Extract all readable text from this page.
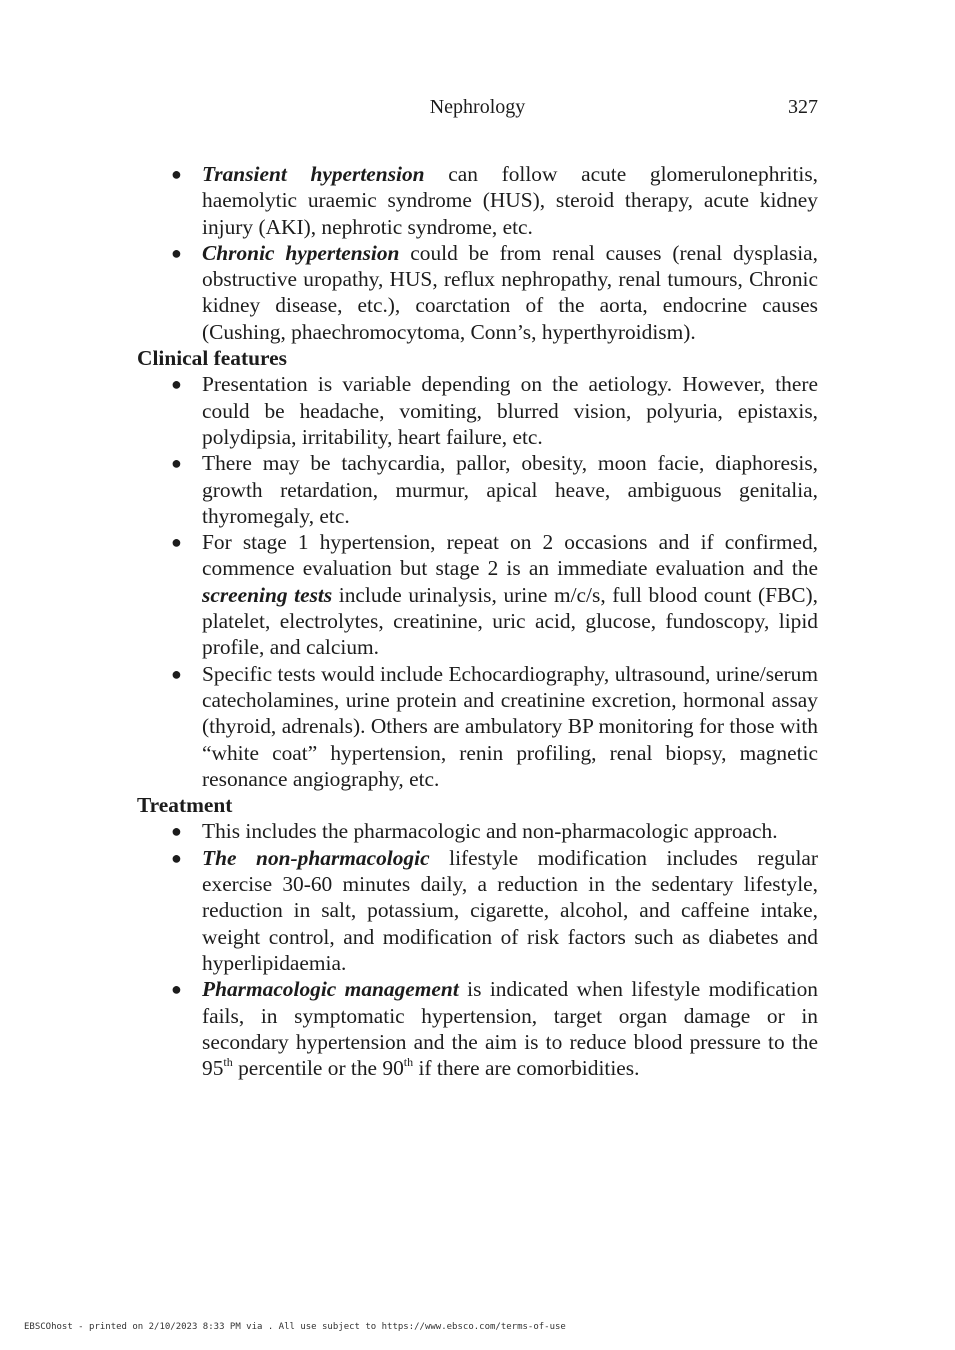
Nephrology	327
● Transient hypertension can follow acute glomerulonephritis, haemolytic uraemic syndrome (HUS), steroid therapy, acute kidney injury (AKI), nephrotic syndrome, etc.
● Chronic hypertension could be from renal causes (renal dysplasia, obstructive uropathy, HUS, reflux nephropathy, renal tumours, Chronic kidney disease, etc.), coarctation of the aorta, endocrine causes (Cushing, phaechromocytoma, Conn’s, hyperthyroidism).
Clinical features
● Presentation is variable depending on the aetiology. However, there could be headache, vomiting, blurred vision, polyuria, epistaxis, polydipsia, irritability, heart failure, etc.
● There may be tachycardia, pallor, obesity, moon facie, diaphoresis, growth retardation, murmur, apical heave, ambiguous genitalia, thyromegaly, etc.
● For stage 1 hypertension, repeat on 2 occasions and if confirmed, commence evaluation but stage 2 is an immediate evaluation and the screening tests include urinalysis, urine m/c/s, full blood count (FBC), platelet, electrolytes, creatinine, uric acid, glucose, fundoscopy, lipid profile, and calcium.
● Specific tests would include Echocardiography, ultrasound, urine/serum catecholamines, urine protein and creatinine excretion, hormonal assay (thyroid, adrenals). Others are ambulatory BP monitoring for those with “white coat” hypertension, renin profiling, renal biopsy, magnetic resonance angiography, etc.
Treatment
● This includes the pharmacologic and non-pharmacologic approach.
● The non-pharmacologic lifestyle modification includes regular exercise 30-60 minutes daily, a reduction in the sedentary lifestyle, reduction in salt, potassium, cigarette, alcohol, and caffeine intake, weight control, and modification of risk factors such as diabetes and hyperlipidaemia.
● Pharmacologic management is indicated when lifestyle modification fails, in symptomatic hypertension, target organ damage or in secondary hypertension and the aim is to reduce blood pressure to the 95th percentile or the 90th if there are comorbidities.
EBSCOhost - printed on 2/10/2023 8:33 PM via . All use subject to https://www.ebsco.com/terms-of-use
